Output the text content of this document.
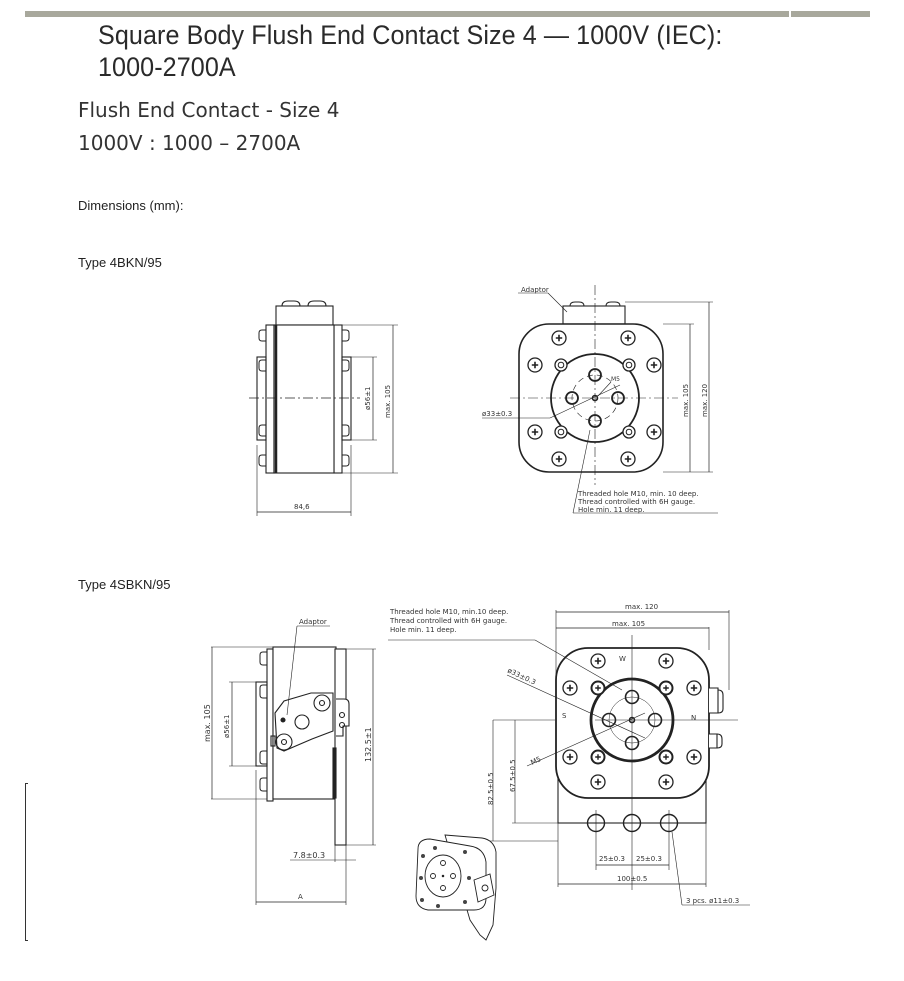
Square Body Flush End Contact Size 4 — 1000V (IEC):
1000-2700A
Flush End Contact - Size 4
1000V : 1000 – 2700A
Dimensions (mm):
Type 4BKN/95
Type 4SBKN/95
ø56±1 max. 105
84,6
Adaptor
M5
ø33±0.3	max. 105 max. 120
Threaded hole M10, min. 10 deep.
Thread controlled with 6H gauge.
Hole min. 11 deep.
Adaptor
max. 105 ø56±1
132.5±1
7.8±0.3
A
Threaded hole M10, min.10 deep.
Thread controlled with 6H gauge.
Hole min. 11 deep.
max. 120
max. 105
ø33±0.3
M5
82.5±0.5 67.5±0.5
25±0.3 25±0.3
100±0.5
3 pcs. ø11±0.3
W
S	N
